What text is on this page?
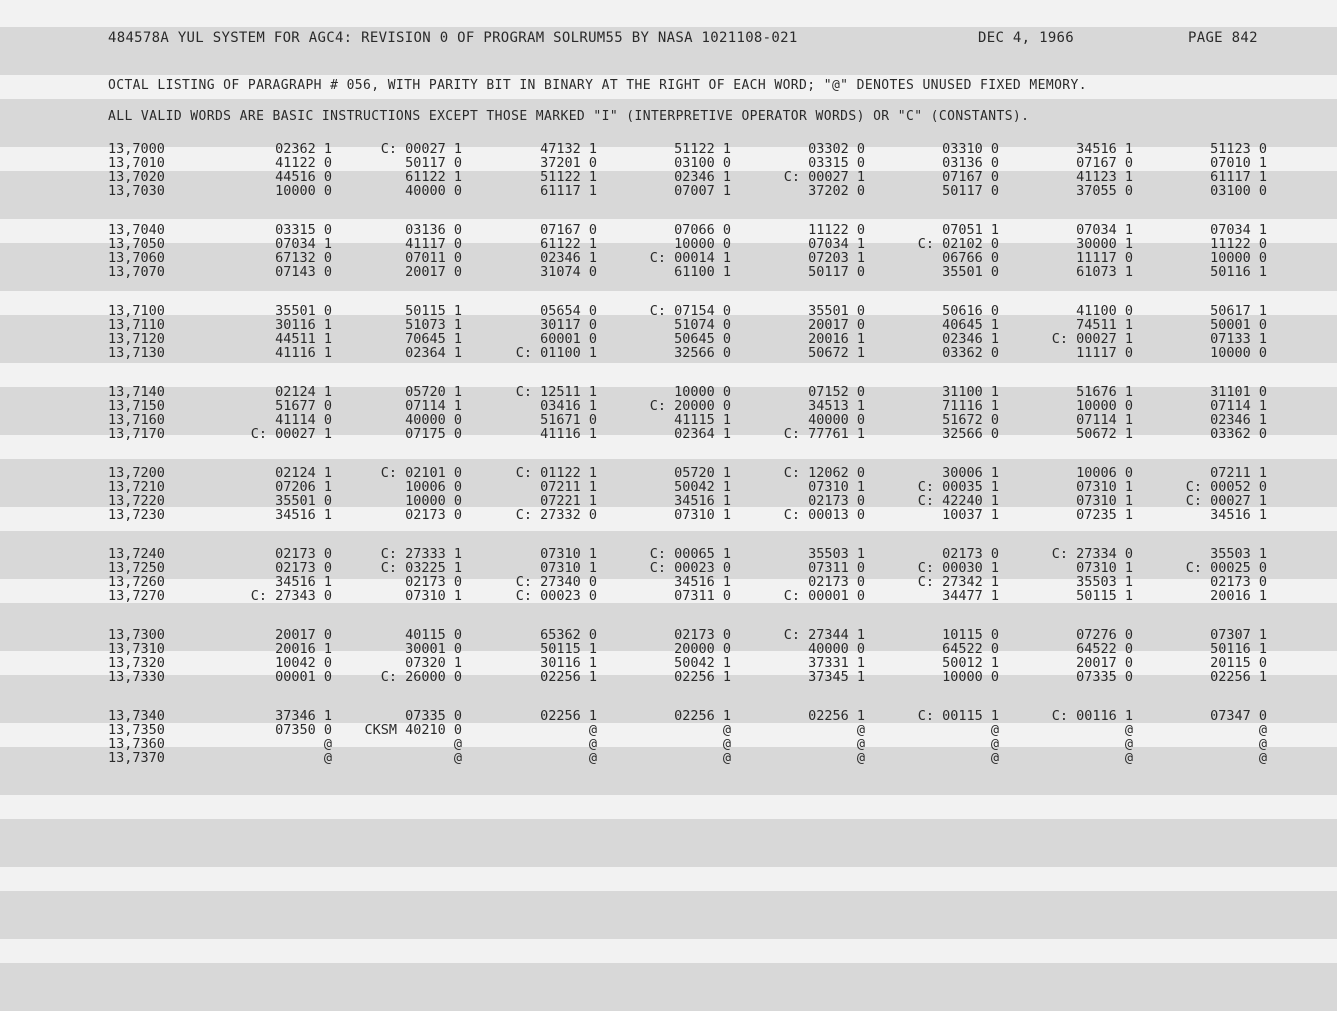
484578A YUL SYSTEM FOR AGC4: REVISION 0 OF PROGRAM SOLRUM55 BY NASA 1021108-021	DEC 4, 1966	PAGE 842
OCTAL LISTING OF PARAGRAPH # 056, WITH PARITY BIT IN BINARY AT THE RIGHT OF EACH WORD; "@" DENOTES UNUSED FIXED MEMORY.
ALL VALID WORDS ARE BASIC INSTRUCTIONS EXCEPT THOSE MARKED "I" (INTERPRETIVE OPERATOR WORDS) OR "C" (CONSTANTS).
13,7000	02362 1	C: 00027 1	47132 1	51122 1	03302 0	03310 0	34516 1	51123 0
13,7010	41122 0	50117 0	37201 0	03100 0	03315 0	03136 0	07167 0	07010 1
13,7020	44516 0	61122 1	51122 1	02346 1	C: 00027 1	07167 0	41123 1	61117 1
13,7030	10000 0	40000 0	61117 1	07007 1	37202 0	50117 0	37055 0	03100 0
13,7040	03315 0	03136 0	07167 0	07066 0	11122 0	07051 1	07034 1	07034 1
13,7050	07034 1	41117 0	61122 1	10000 0	07034 1	C: 02102 0	30000 1	11122 0
13,7060	67132 0	07011 0	02346 1	C: 00014 1	07203 1	06766 0	11117 0	10000 0
13,7070	07143 0	20017 0	31074 0	61100 1	50117 0	35501 0	61073 1	50116 1
13,7100	35501 0	50115 1	05654 0	C: 07154 0	35501 0	50616 0	41100 0	50617 1
13,7110	30116 1	51073 1	30117 0	51074 0	20017 0	40645 1	74511 1	50001 0
13,7120	44511 1	70645 1	60001 0	50645 0	20016 1	02346 1	C: 00027 1	07133 1
13,7130	41116 1	02364 1	C: 01100 1	32566 0	50672 1	03362 0	11117 0	10000 0
13,7140	02124 1	05720 1	C: 12511 1	10000 0	07152 0	31100 1	51676 1	31101 0
13,7150	51677 0	07114 1	03416 1	C: 20000 0	34513 1	71116 1	10000 0	07114 1
13,7160	41114 0	40000 0	51671 0	41115 1	40000 0	51672 0	07114 1	02346 1
13,7170	C: 00027 1	07175 0	41116 1	02364 1	C: 77761 1	32566 0	50672 1	03362 0
13,7200	02124 1	C: 02101 0	C: 01122 1	05720 1	C: 12062 0	30006 1	10006 0	07211 1
13,7210	07206 1	10006 0	07211 1	50042 1	07310 1	C: 00035 1	07310 1	C: 00052 0
13,7220	35501 0	10000 0	07221 1	34516 1	02173 0	C: 42240 1	07310 1	C: 00027 1
13,7230	34516 1	02173 0	C: 27332 0	07310 1	C: 00013 0	10037 1	07235 1	34516 1
13,7240	02173 0	C: 27333 1	07310 1	C: 00065 1	35503 1	02173 0	C: 27334 0	35503 1
13,7250	02173 0	C: 03225 1	07310 1	C: 00023 0	07311 0	C: 00030 1	07310 1	C: 00025 0
13,7260	34516 1	02173 0	C: 27340 0	34516 1	02173 0	C: 27342 1	35503 1	02173 0
13,7270	C: 27343 0	07310 1	C: 00023 0	07311 0	C: 00001 0	34477 1	50115 1	20016 1
13,7300	20017 0	40115 0	65362 0	02173 0	C: 27344 1	10115 0	07276 0	07307 1
13,7310	20016 1	30001 0	50115 1	20000 0	40000 0	64522 0	64522 0	50116 1
13,7320	10042 0	07320 1	30116 1	50042 1	37331 1	50012 1	20017 0	20115 0
13,7330	00001 0	C: 26000 0	02256 1	02256 1	37345 1	10000 0	07335 0	02256 1
13,7340	37346 1	07335 0	02256 1	02256 1	02256 1	C: 00115 1	C: 00116 1	07347 0
13,7350	07350 0 CKSM 40210 0	@	@	@	@	@	@
13,7360	@	@	@	@	@	@	@	@
13,7370	@	@	@	@	@	@	@	@
